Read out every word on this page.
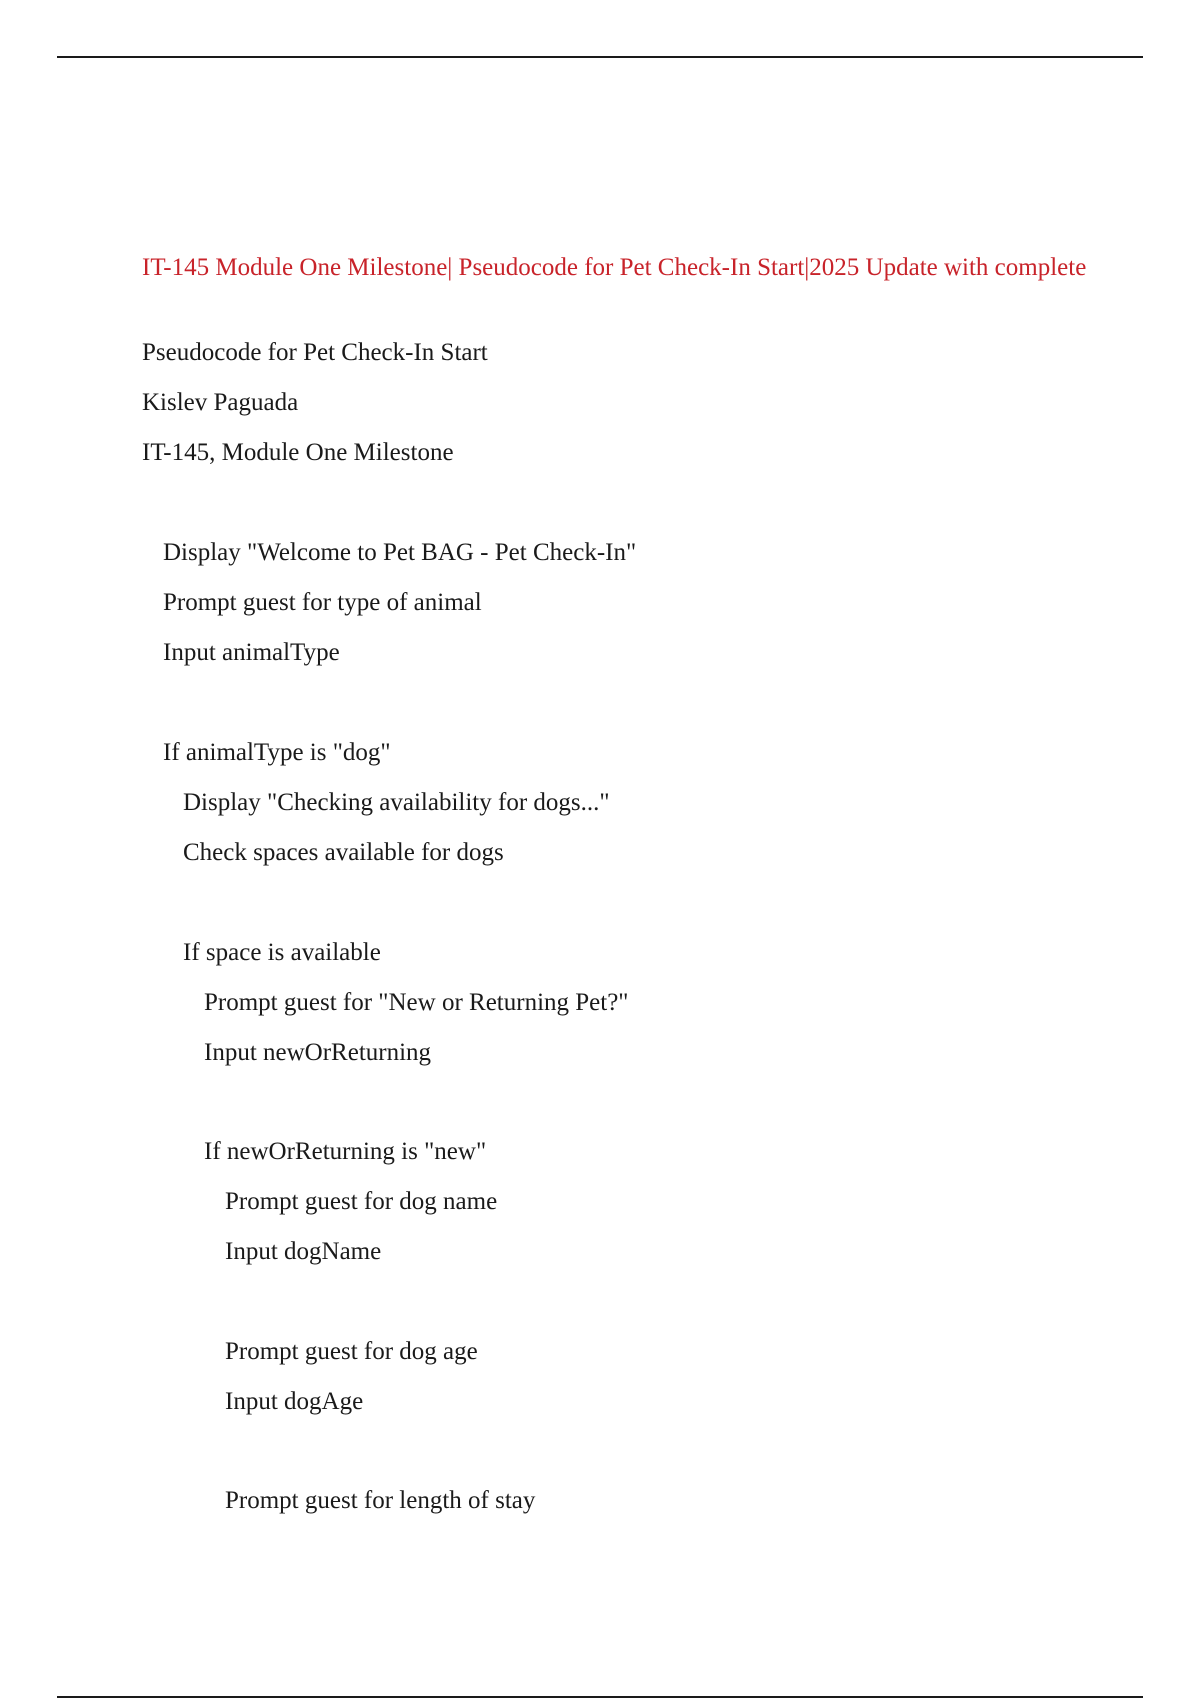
IT-145 Module One Milestone| Pseudocode for Pet Check-In Start|2025 Update with complete
Pseudocode for Pet Check-In Start
Kislev Paguada
IT-145, Module One Milestone
Display "Welcome to Pet BAG - Pet Check-In"
Prompt guest for type of animal
Input animalType
If animalType is "dog"
Display "Checking availability for dogs..."
Check spaces available for dogs
If space is available
Prompt guest for "New or Returning Pet?"
Input newOrReturning
If newOrReturning is "new"
Prompt guest for dog name
Input dogName
Prompt guest for dog age
Input dogAge
Prompt guest for length of stay
